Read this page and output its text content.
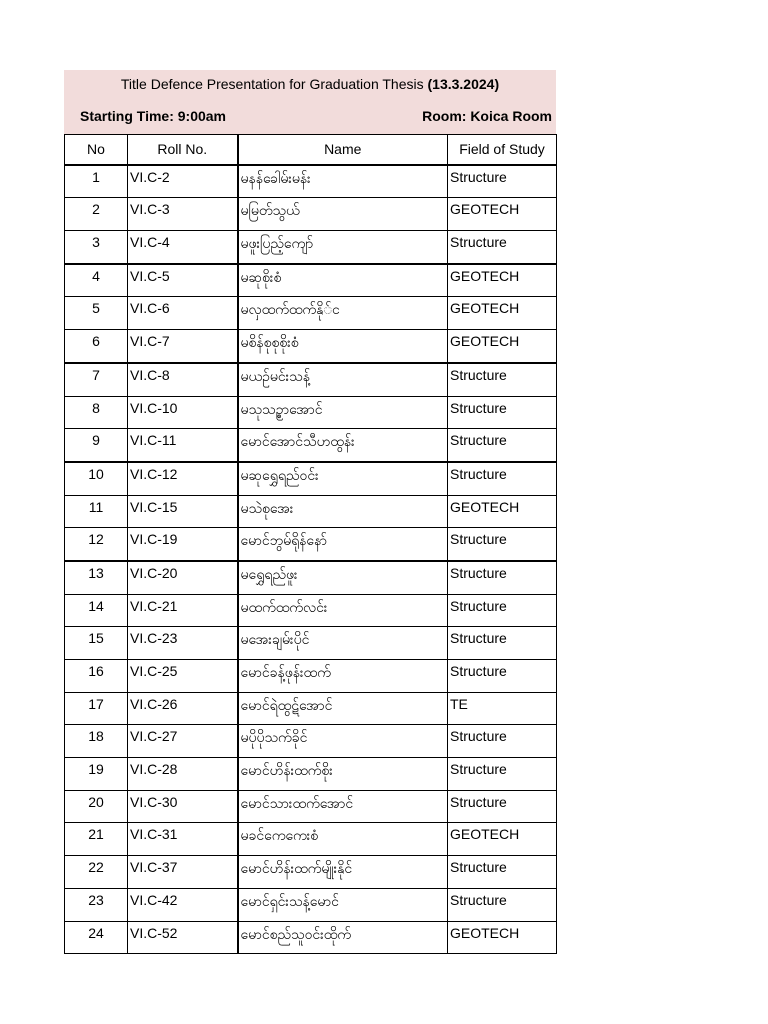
Title Defence Presentation for Graduation Thesis (13.3.2024)
Starting Time: 9:00am	Room: Koica Room
No	Roll No.	Name	Field of Study
1	VI.C-2	မနန်ခေါမ်းမန်း	Structure
2	VI.C-3	မမြတ်သွယ်	GEOTECH
3	VI.C-4	မဖူးပြည့်ကျော်	Structure
4	VI.C-5	မဆုစိုးစံ	GEOTECH
5	VI.C-6	မလှထက်ထက်နို်င	GEOTECH
6	VI.C-7	မစိန်စုစုစိုးစံ	GEOTECH
7	VI.C-8	မယဉ်မင်းသန့်	Structure
8	VI.C-10	မသုသဥ္စာအောင်	Structure
9	VI.C-11	မောင်အောင်သီဟထွန်း	Structure
10	VI.C-12	မဆုရွှေရည်ဝင်း	Structure
11	VI.C-15	မသဲစုအေး	GEOTECH
12	VI.C-19	မောင်ဘွမ်ရိုန်နော်	Structure
13	VI.C-20	မရွှေရည်ဖူး	Structure
14	VI.C-21	မထက်ထက်လင်း	Structure
15	VI.C-23	မအေးချမ်းပိုင်	Structure
16	VI.C-25	မောင်ခန့်ဖုန်းထက်	Structure
17	VI.C-26	မောင်ရဲထွဋ်အောင်	TE
18	VI.C-27	မပိုပိုသက်ခိုင်	Structure
19	VI.C-28	မောင်ဟိန်းထက်စိုး	Structure
20	VI.C-30	မောင်သားထက်အောင်	Structure
21	VI.C-31	မခင်ကေကေးစံ	GEOTECH
22	VI.C-37	မောင်ဟိန်းထက်မျိုးနိုင်	Structure
23	VI.C-42	မောင်ရှင်းသန့်မောင်	Structure
24	VI.C-52	မောင်စည်သူဝင်းထိုက်	GEOTECH
